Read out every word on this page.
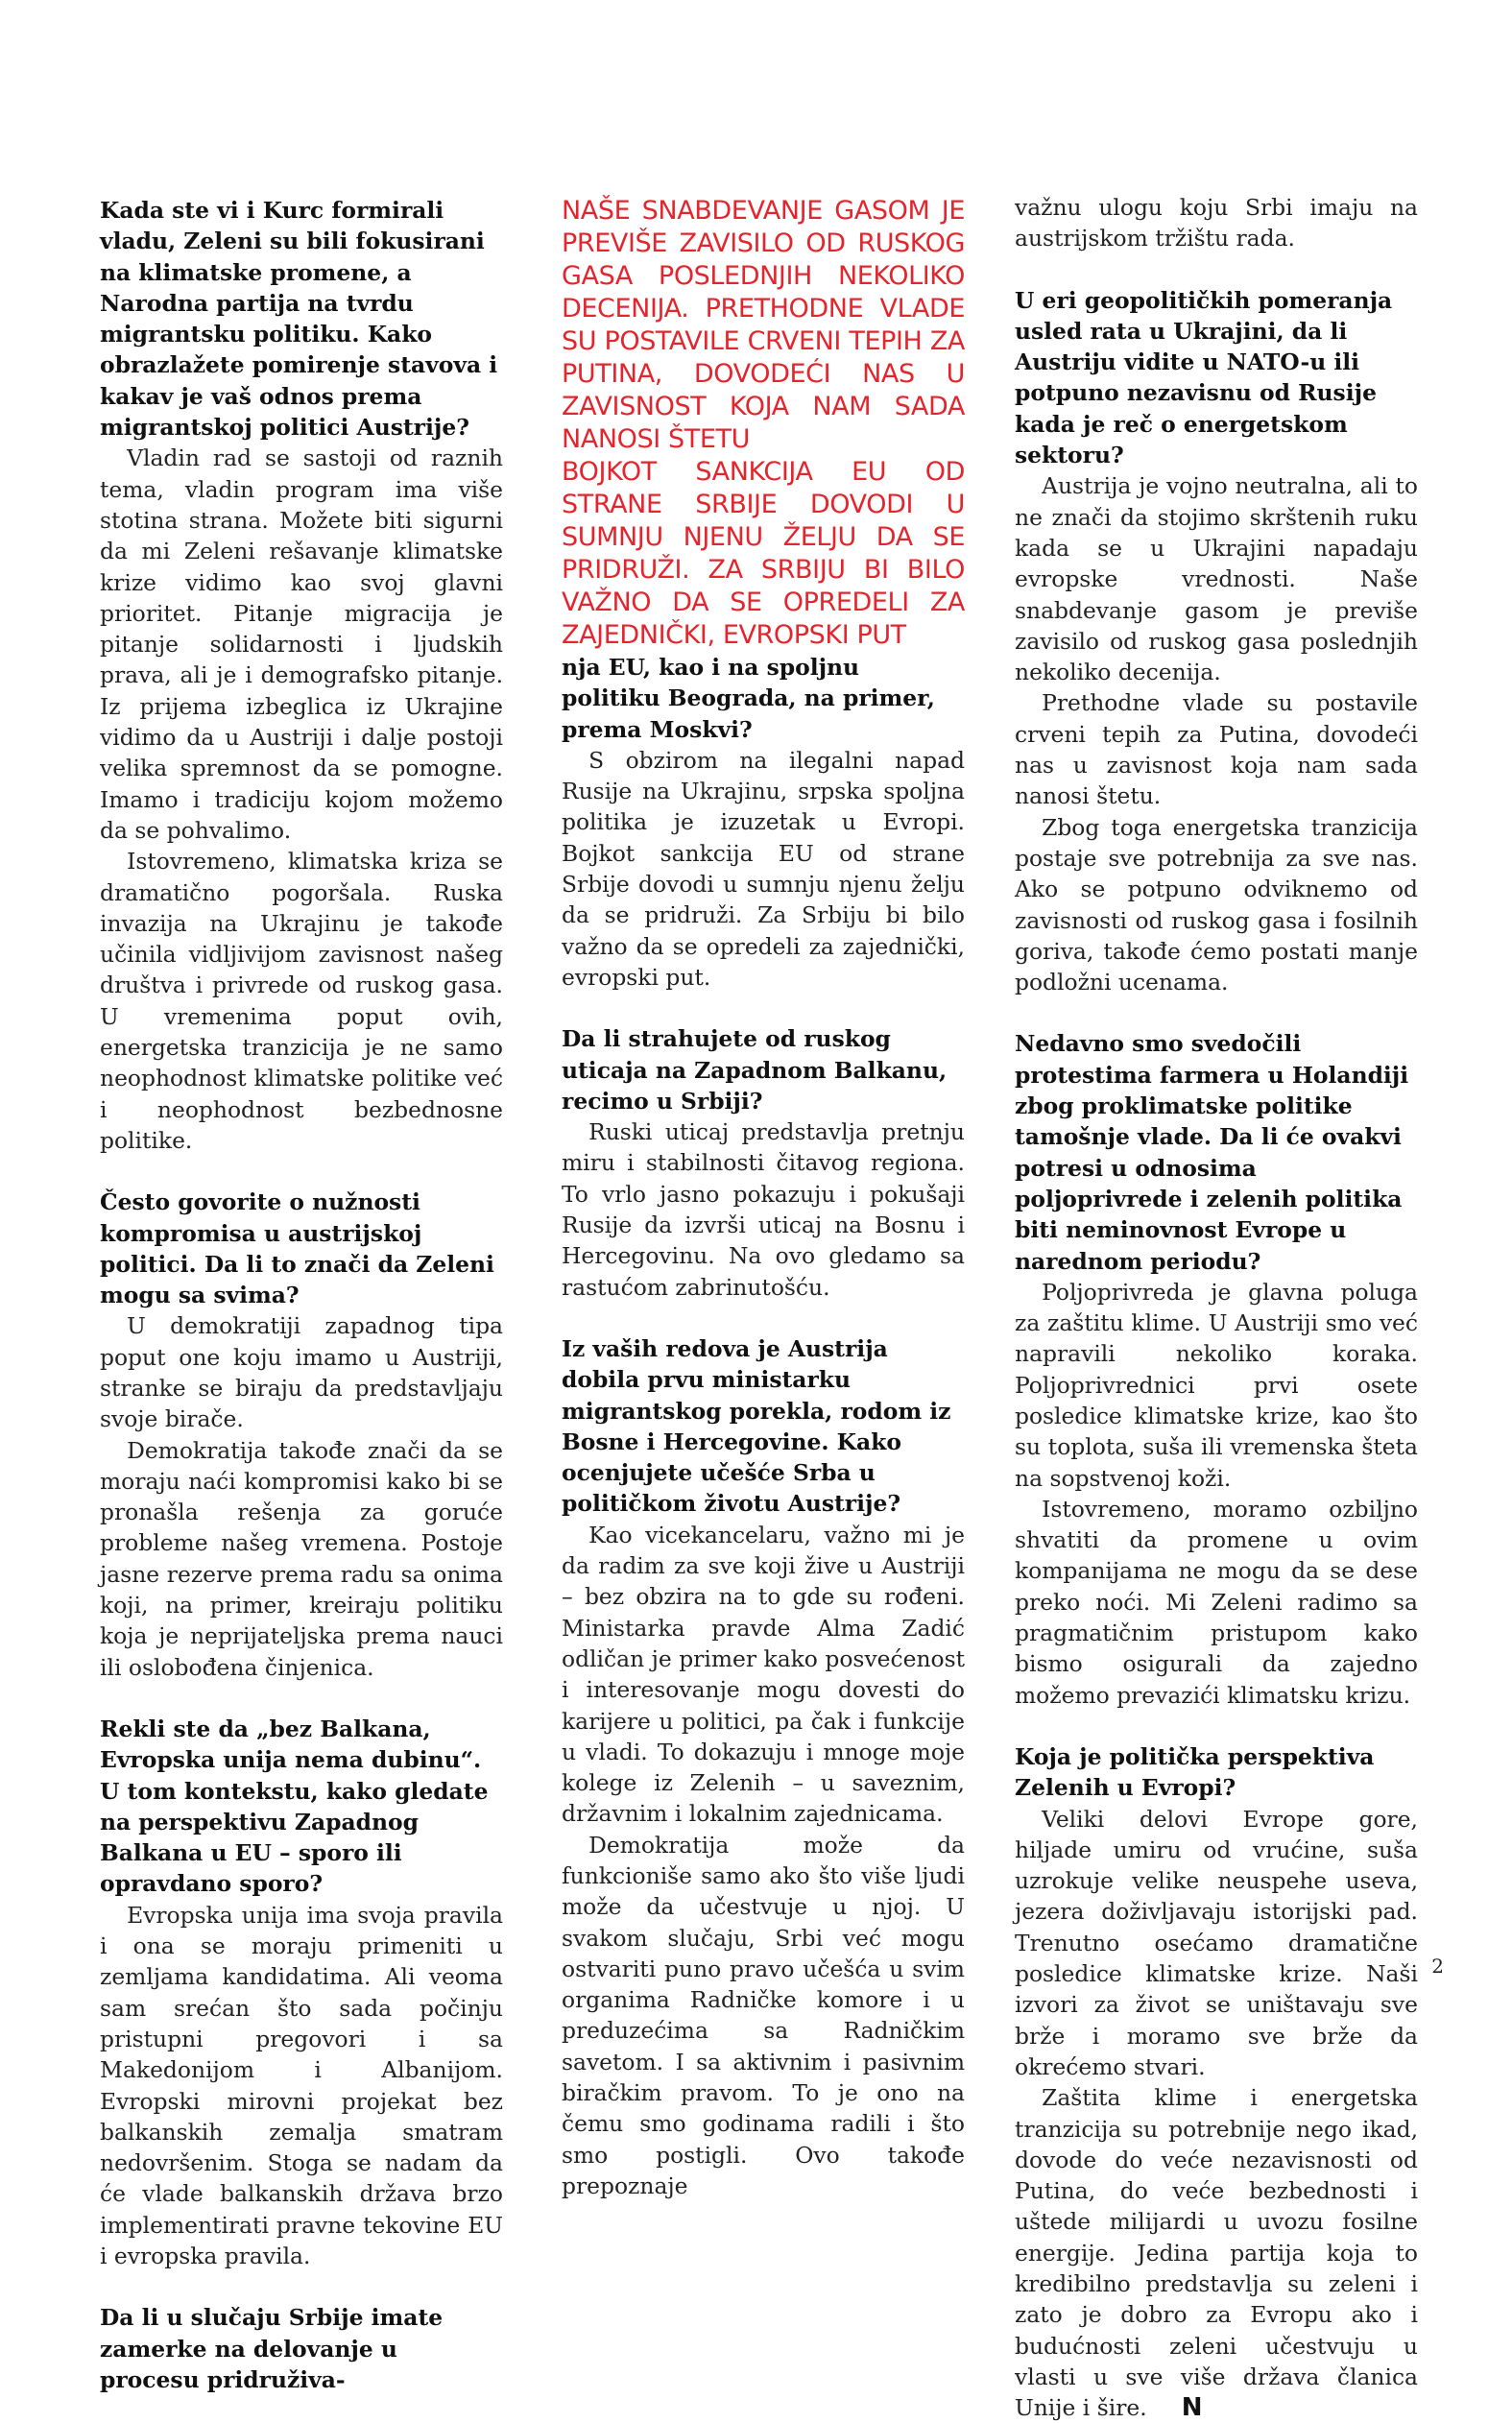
Kada ste vi i Kurc formirali vladu, Zeleni su bili fokusirani na klimatske promene, a Narodna partija na tvrdu migrantsku politiku. Kako obrazlažete pomirenje stavova i kakav je vaš odnos prema migrantskoj politici Austrije?

Vladin rad se sastoji od raznih tema, vladin program ima više stotina strana. Možete biti sigurni da mi Zeleni rešavanje klimatske krize vidimo kao svoj glavni prioritet. Pitanje migracija je pitanje solidarnosti i ljudskih prava, ali je i demografsko pitanje. Iz prijema izbeglica iz Ukrajine vidimo da u Austriji i dalje postoji velika spremnost da se pomogne. Imamo i tradiciju kojom možemo da se pohvalimo.

Istovremeno, klimatska kriza se dramatično pogoršala. Ruska invazija na Ukrajinu je takođe učinila vidljivijom zavisnost našeg društva i privrede od ruskog gasa. U vremenima poput ovih, energetska tranzicija je ne samo neophodnost klimatske politike već i neophodnost bezbednosne politike.

Često govorite o nužnosti kompromisa u austrijskoj politici. Da li to znači da Zeleni mogu sa svima?

U demokratiji zapadnog tipa poput one koju imamo u Austriji, stranke se biraju da predstavljaju svoje birače.

Demokratija takođe znači da se moraju naći kompromisi kako bi se pronašla rešenja za goruće probleme našeg vremena. Postoje jasne rezerve prema radu sa onima koji, na primer, kreiraju politiku koja je neprijateljska prema nauci ili oslobođena činjenica.

Rekli ste da „bez Balkana, Evropska unija nema dubinu“. U tom kontekstu, kako gledate na perspektivu Zapadnog Balkana u EU – sporo ili opravdano sporo?

Evropska unija ima svoja pravila i ona se moraju primeniti u zemljama kandidatima. Ali veoma sam srećan što sada počinju pristupni pregovori i sa Makedonijom i Albanijom. Evropski mirovni projekat bez balkanskih zemalja smatram nedovršenim. Stoga se nadam da će vlade balkanskih država brzo implementirati pravne tekovine EU i evropska pravila.

Da li u slučaju Srbije imate zamerke na delovanje u procesu pridruživa-

NAŠE SNABDEVANJE GASOM JE PREVIŠE ZAVISILO OD RUSKOG GASA POSLEDNJIH NEKOLIKO DECENIJA. PRETHODNE VLADE SU POSTAVILE CRVENI TEPIH ZA PUTINA, DOVODEĆI NAS U ZAVISNOST KOJA NAM SADA NANOSI ŠTETU

BOJKOT SANKCIJA EU OD STRANE SRBIJE DOVODI U SUMNJU NJENU ŽELJU DA SE PRIDRUŽI. ZA SRBIJU BI BILO VAŽNO DA SE OPREDELI ZA ZAJEDNIČKI, EVROPSKI PUT

nja EU, kao i na spoljnu politiku Beograda, na primer, prema Moskvi?

S obzirom na ilegalni napad Rusije na Ukrajinu, srpska spoljna politika je izuzetak u Evropi. Bojkot sankcija EU od strane Srbije dovodi u sumnju njenu želju da se pridruži. Za Srbiju bi bilo važno da se opredeli za zajednički, evropski put.

Da li strahujete od ruskog uticaja na Zapadnom Balkanu, recimo u Srbiji?

Ruski uticaj predstavlja pretnju miru i stabilnosti čitavog regiona. To vrlo jasno pokazuju i pokušaji Rusije da izvrši uticaj na Bosnu i Hercegovinu. Na ovo gledamo sa rastućom zabrinutošću.

Iz vaših redova je Austrija dobila prvu ministarku migrantskog porekla, rodom iz Bosne i Hercegovine. Kako ocenjujete učešće Srba u političkom životu Austrije?

Kao vicekancelaru, važno mi je da radim za sve koji žive u Austriji – bez obzira na to gde su rođeni. Ministarka pravde Alma Zadić odličan je primer kako posvećenost i interesovanje mogu dovesti do karijere u politici, pa čak i funkcije u vladi. To dokazuju i mnoge moje kolege iz Zelenih – u saveznim, državnim i lokalnim zajednicama.

Demokratija može da funkcioniše samo ako što više ljudi može da učestvuje u njoj. U svakom slučaju, Srbi već mogu ostvariti puno pravo učešća u svim organima Radničke komore i u preduzećima sa Radničkim savetom. I sa aktivnim i pasivnim biračkim pravom. To je ono na čemu smo godinama radili i što smo postigli. Ovo takođe prepoznaje

važnu ulogu koju Srbi imaju na austrijskom tržištu rada.

U eri geopolitičkih pomeranja usled rata u Ukrajini, da li Austriju vidite u NATO-u ili potpuno nezavisnu od Rusije kada je reč o energetskom sektoru?

Austrija je vojno neutralna, ali to ne znači da stojimo skrštenih ruku kada se u Ukrajini napadaju evropske vrednosti. Naše snabdevanje gasom je previše zavisilo od ruskog gasa poslednjih nekoliko decenija.

Prethodne vlade su postavile crveni tepih za Putina, dovodeći nas u zavisnost koja nam sada nanosi štetu.

Zbog toga energetska tranzicija postaje sve potrebnija za sve nas. Ako se potpuno odviknemo od zavisnosti od ruskog gasa i fosilnih goriva, takođe ćemo postati manje podložni ucenama.

Nedavno smo svedočili protestima farmera u Holandiji zbog proklimatske politike tamošnje vlade. Da li će ovakvi potresi u odnosima poljoprivrede i zelenih politika biti neminovnost Evrope u narednom periodu?

Poljoprivreda je glavna poluga za zaštitu klime. U Austriji smo već napravili nekoliko koraka. Poljoprivrednici prvi osete posledice klimatske krize, kao što su toplota, suša ili vremenska šteta na sopstvenoj koži.

Istovremeno, moramo ozbiljno shvatiti da promene u ovim kompanijama ne mogu da se dese preko noći. Mi Zeleni radimo sa pragmatičnim pristupom kako bismo osigurali da zajedno možemo prevazići klimatsku krizu.

Koja je politička perspektiva Zelenih u Evropi?

Veliki delovi Evrope gore, hiljade umiru od vrućine, suša uzrokuje velike neuspehe useva, jezera doživljavaju istorijski pad. Trenutno osećamo dramatične posledice klimatske krize. Naši izvori za život se uništavaju sve brže i moramo sve brže da okrećemo stvari.

Zaštita klime i energetska tranzicija su potrebnije nego ikad, dovode do veće nezavisnosti od Putina, do veće bezbednosti i uštede milijardi u uvozu fosilne energije. Jedina partija koja to kredibilno predstavlja su zeleni i zato je dobro za Evropu ako i budućnosti zeleni učestvuju u vlasti u sve više država članica Unije i šire. N

2
